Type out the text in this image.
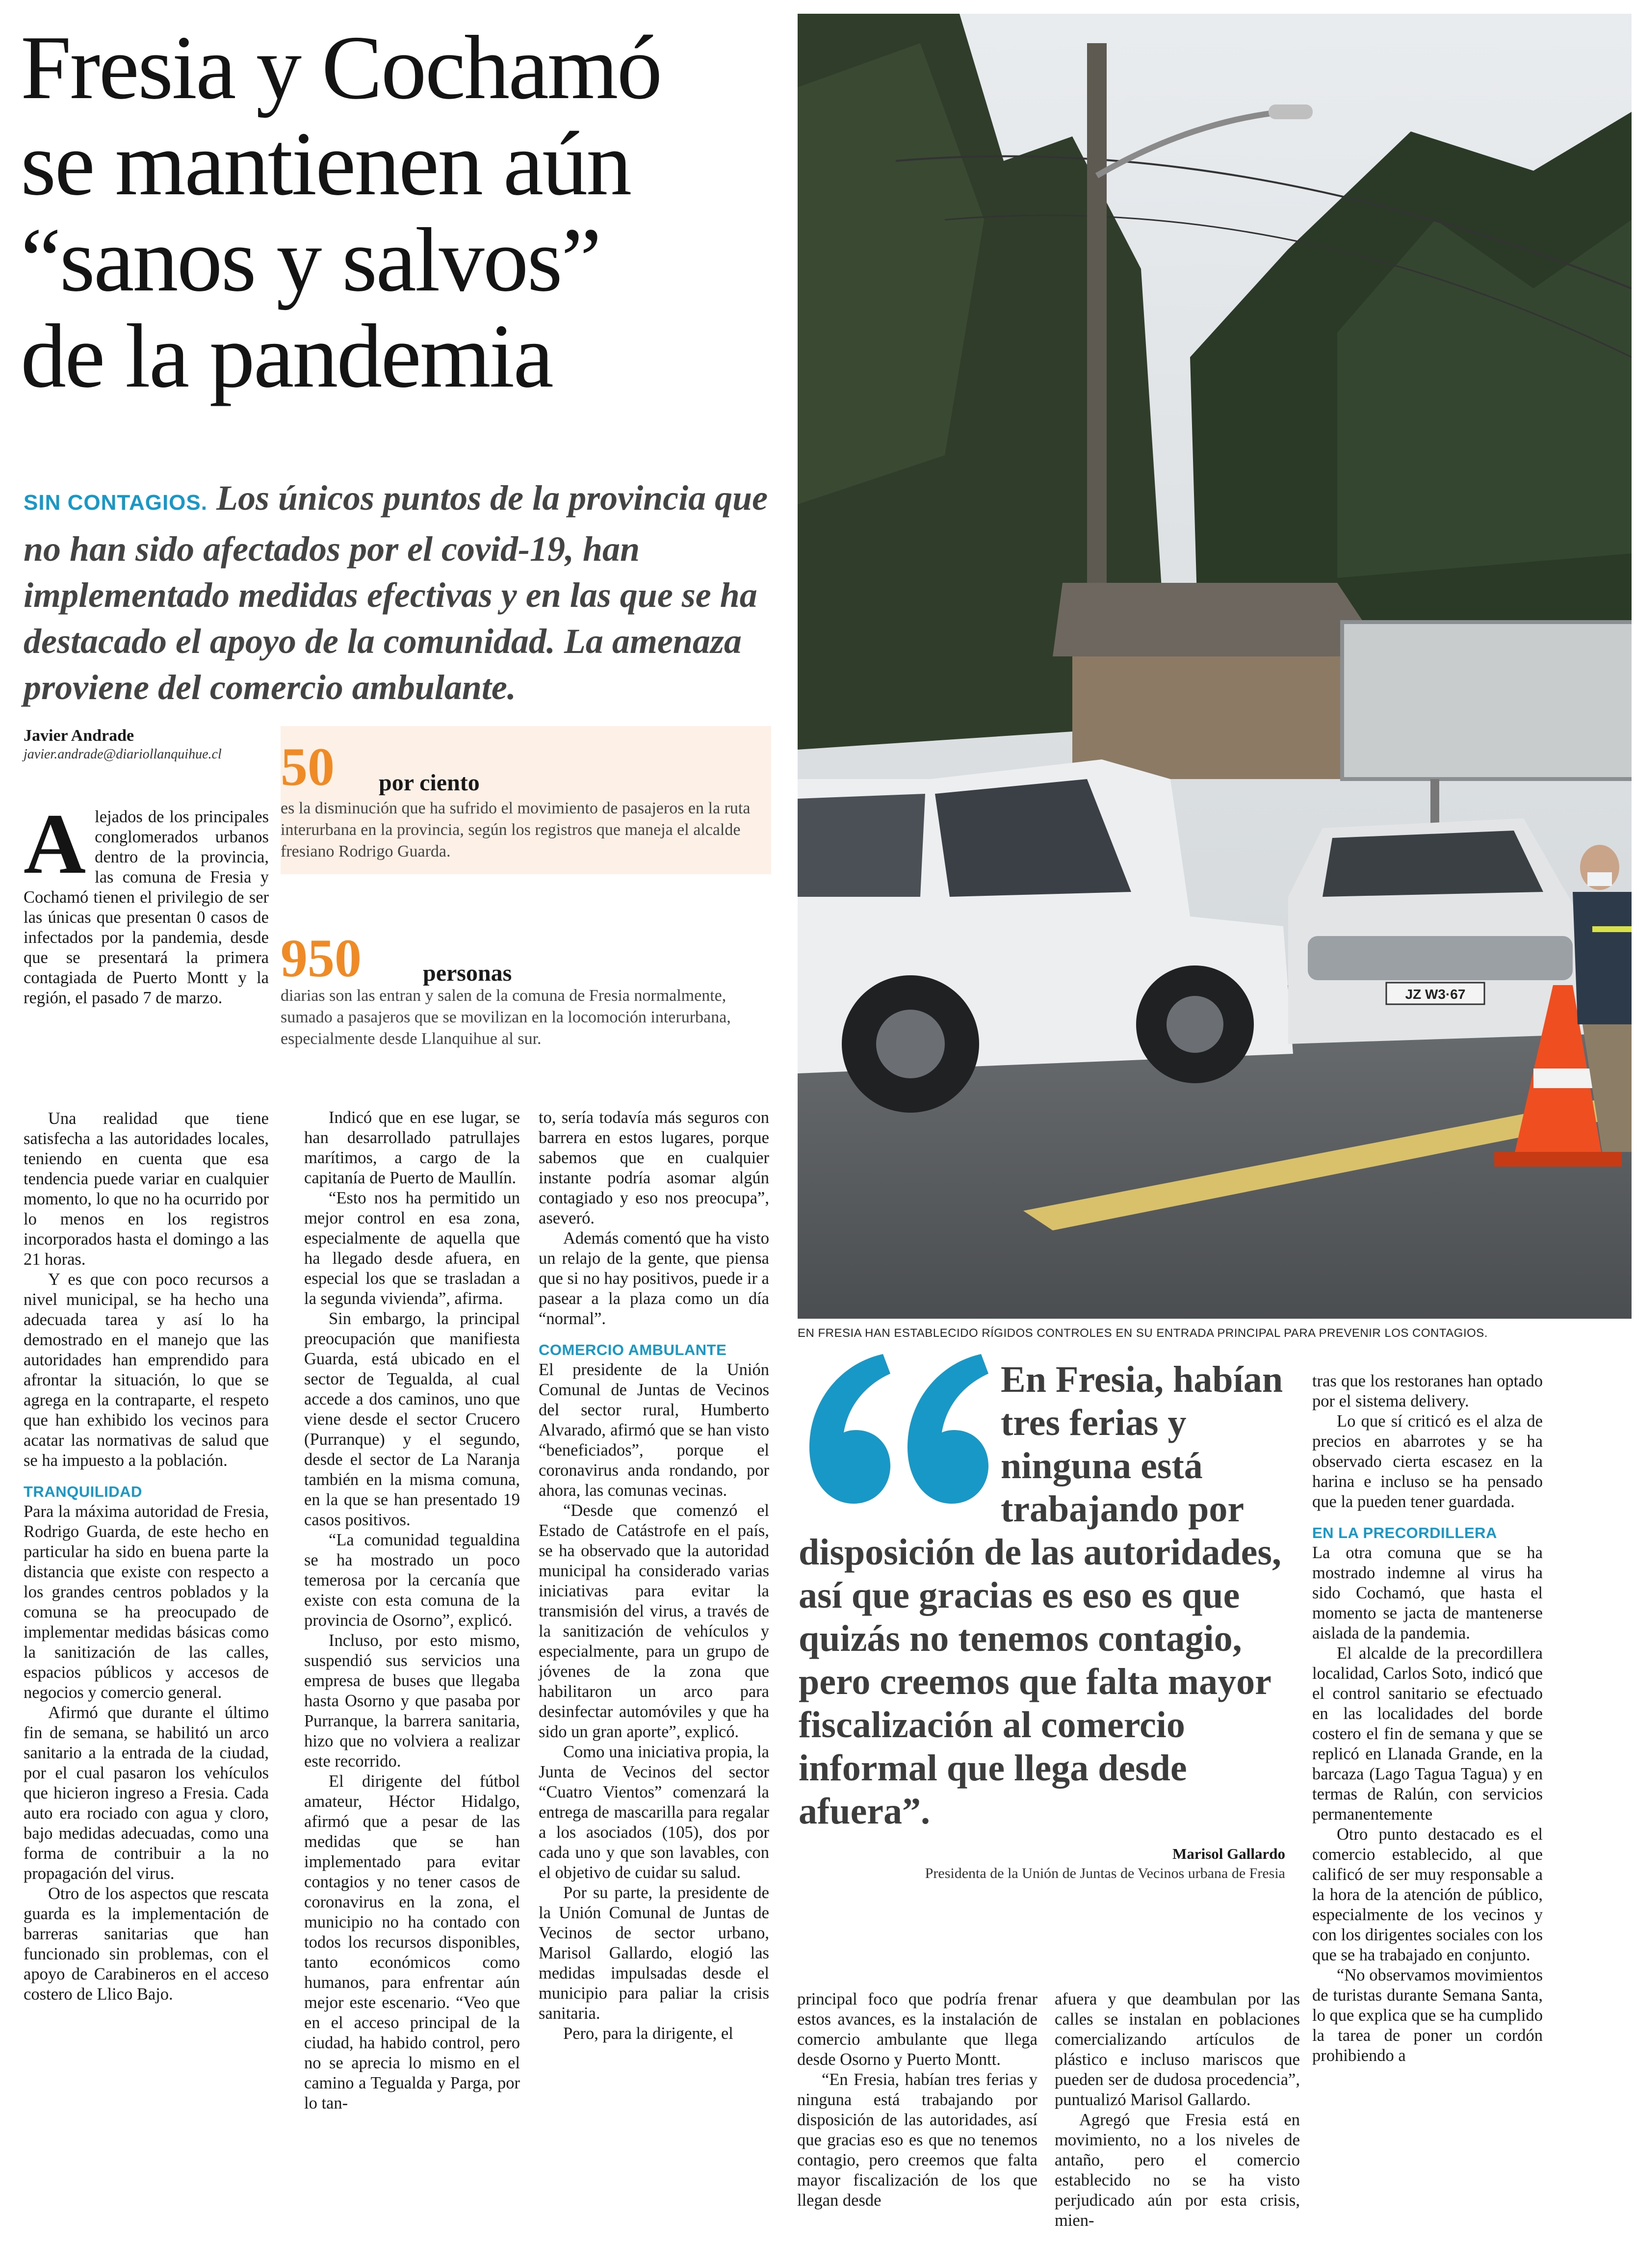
Fresia y Cochamó
se mantienen aún
“sanos y salvos”
de la pandemia

SIN CONTAGIOS. Los únicos puntos de la provincia que no han sido afectados por el covid-19, han implementado medidas efectivas y en las que se ha destacado el apoyo de la comunidad. La amenaza proviene del comercio ambulante.

Javier Andrade
javier.andrade@diariollanquihue.cl	50 por ciento
es la disminución que ha sufrido el movimiento de pasajeros en la ruta interurbana en la provincia, según los registros que maneja el alcalde fresiano Rodrigo Guarda.
950	personas
diarias son las entran y salen de la comuna de Fresia normalmente, sumado a pasajeros que se movilizan en la locomoción interurbana, especialmente desde Llanquihue al sur.
A lejados de los principales conglomerados urbanos dentro de la provincia, las comuna de Fresia y Cochamó tienen el privilegio de ser las únicas que presentan 0 casos de infectados por la pandemia, desde que se presentará la primera contagiada de Puerto Montt y la región, el pasado 7 de marzo.

Una realidad que tiene satisfecha a las autoridades locales, teniendo en cuenta que esa tendencia puede variar en cualquier momento, lo que no ha ocurrido por lo menos en los registros incorporados hasta el domingo a las 21 horas.

Y es que con poco recursos a nivel municipal, se ha hecho una adecuada tarea y así lo ha demostrado en el manejo que las autoridades han emprendido para afrontar la situación, lo que se agrega en la contraparte, el respeto que han exhibido los vecinos para acatar las normativas de salud que se ha impuesto a la población.

TRANQUILIDAD

Para la máxima autoridad de Fresia, Rodrigo Guarda, de este hecho en particular ha sido en buena parte la distancia que existe con respecto a los grandes centros poblados y la comuna se ha preocupado de implementar medidas básicas como la sanitización de las calles, espacios públicos y accesos de negocios y comercio general.

Afirmó que durante el último fin de semana, se habilitó un arco sanitario a la entrada de la ciudad, por el cual pasaron los vehículos que hicieron ingreso a Fresia. Cada auto era rociado con agua y cloro, bajo medidas adecuadas, como una forma de contribuir a la no propagación del virus.

Otro de los aspectos que rescata guarda es la implementación de barreras sanitarias que han funcionado sin problemas, con el apoyo de Carabineros en el acceso costero de Llico Bajo.

Indicó que en ese lugar, se han desarrollado patrullajes marítimos, a cargo de la capitanía de Puerto de Maullín.

“Esto nos ha permitido un mejor control en esa zona, especialmente de aquella que ha llegado desde afuera, en especial los que se trasladan a la segunda vivienda”, afirma.

Sin embargo, la principal preocupación que manifiesta Guarda, está ubicado en el sector de Tegualda, al cual accede a dos caminos, uno que viene desde el sector Crucero (Purranque) y el segundo, desde el sector de La Naranja también en la misma comuna, en la que se han presentado 19 casos positivos.

“La comunidad tegualdina se ha mostrado un poco temerosa por la cercanía que existe con esta comuna de la provincia de Osorno”, explicó.

Incluso, por esto mismo, suspendió sus servicios una empresa de buses que llegaba hasta Osorno y que pasaba por Purranque, la barrera sanitaria, hizo que no volviera a realizar este recorrido.

El dirigente del fútbol amateur, Héctor Hidalgo, afirmó que a pesar de las medidas que se han implementado para evitar contagios y no tener casos de coronavirus en la zona, el municipio no ha contado con todos los recursos disponibles, tanto económicos como humanos, para enfrentar aún mejor este escenario. “Veo que en el acceso principal de la ciudad, ha habido control, pero no se aprecia lo mismo en el camino a Tegualda y Parga, por lo tan-

to, sería todavía más seguros con barrera en estos lugares, porque sabemos que en cualquier instante podría asomar algún contagiado y eso nos preocupa”, aseveró.

Además comentó que ha visto un relajo de la gente, que piensa que si no hay positivos, puede ir a pasear a la plaza como un día “normal”.

COMERCIO AMBULANTE

El presidente de la Unión Comunal de Juntas de Vecinos del sector rural, Humberto Alvarado, afirmó que se han visto “beneficiados”, porque el coronavirus anda rondando, por ahora, las comunas vecinas.

“Desde que comenzó el Estado de Catástrofe en el país, se ha observado que la autoridad municipal ha considerado varias iniciativas para evitar la transmisión del virus, a través de la sanitización de vehículos y especialmente, para un grupo de jóvenes de la zona que habilitaron un arco para desinfectar automóviles y que ha sido un gran aporte”, explicó.

Como una iniciativa propia, la Junta de Vecinos del sector “Cuatro Vientos” comenzará la entrega de mascarilla para regalar a los asociados (105), dos por cada uno y que son lavables, con el objetivo de cuidar su salud.

Por su parte, la presidente de la Unión Comunal de Juntas de Vecinos de sector urbano, Marisol Gallardo, elogió las medidas impulsadas desde el municipio para paliar la crisis sanitaria.

Pero, para la dirigente, el

JZ W3·67
EN FRESIA HAN ESTABLECIDO RÍGIDOS CONTROLES EN SU ENTRADA PRINCIPAL PARA PREVENIR LOS CONTAGIOS.

En Fresia, habían tres ferias y ninguna está trabajando por

disposición de las autoridades, así que gracias es eso es que quizás no tenemos contagio, pero creemos que falta mayor fiscalización al comercio informal que llega desde afuera”.

Marisol Gallardo
Presidenta de la Unión de Juntas de Vecinos urbana de Fresia

principal foco que podría frenar estos avances, es la instalación de comercio ambulante que llega desde Osorno y Puerto Montt.

“En Fresia, habían tres ferias y ninguna está trabajando por disposición de las autoridades, así que gracias eso es que no tenemos contagio, pero creemos que falta mayor fiscalización de los que llegan desde

afuera y que deambulan por las calles se instalan en poblaciones comercializando artículos de plástico e incluso mariscos que pueden ser de dudosa procedencia”, puntualizó Marisol Gallardo.

Agregó que Fresia está en movimiento, no a los niveles de antaño, pero el comercio establecido no se ha visto perjudicado aún por esta crisis, mien-

tras que los restoranes han optado por el sistema delivery.

Lo que sí criticó es el alza de precios en abarrotes y se ha observado cierta escasez en la harina e incluso se ha pensado que la pueden tener guardada.

EN LA PRECORDILLERA

La otra comuna que se ha mostrado indemne al virus ha sido Cochamó, que hasta el momento se jacta de mantenerse aislada de la pandemia.

El alcalde de la precordillera localidad, Carlos Soto, indicó que el control sanitario se efectuado en las localidades del borde costero el fin de semana y que se replicó en Llanada Grande, en la barcaza (Lago Tagua Tagua) y en termas de Ralún, con servicios permanentemente

Otro punto destacado es el comercio establecido, al que calificó de ser muy responsable a la hora de la atención de público, especialmente de los vecinos y con los dirigentes sociales con los que se ha trabajado en conjunto.

“No observamos movimientos de turistas durante Semana Santa, lo que explica que se ha cumplido la tarea de poner un cordón prohibiendo a
